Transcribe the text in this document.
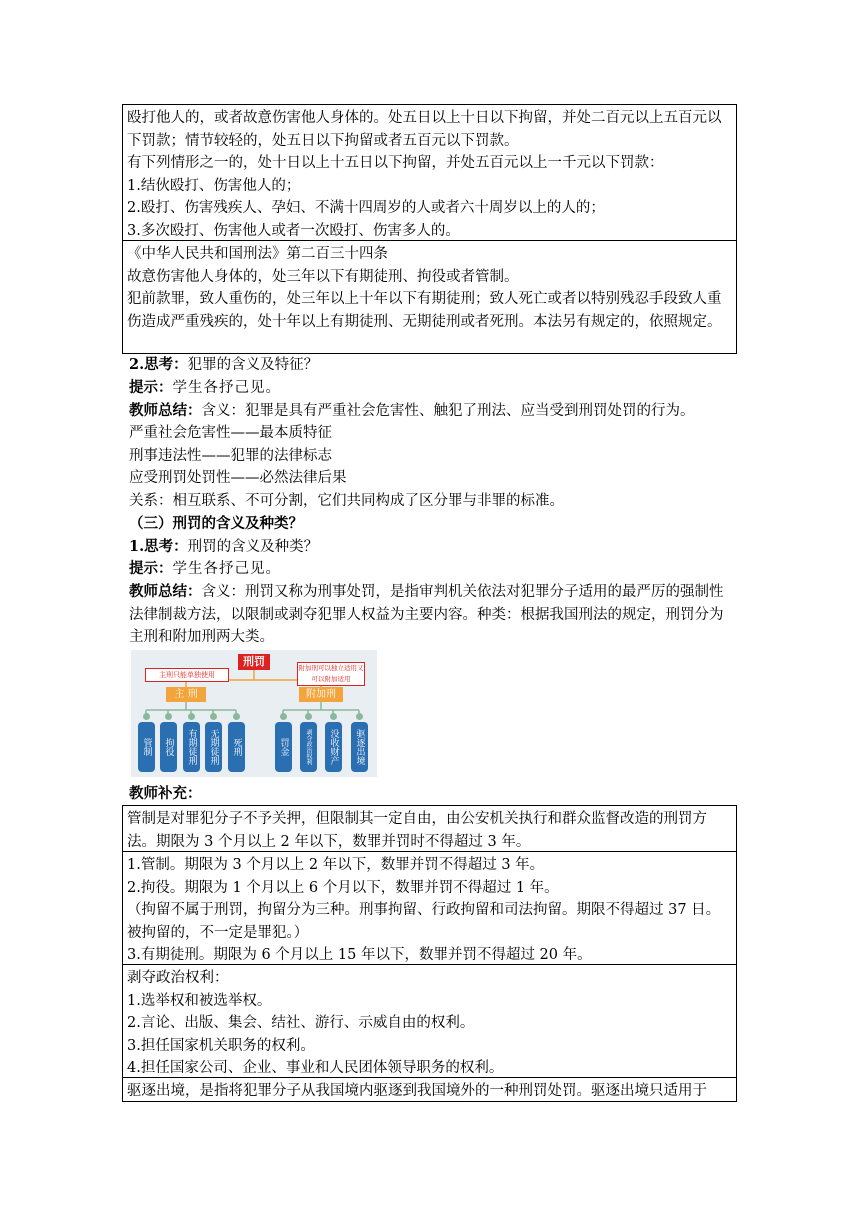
殴打他人的，或者故意伤害他人身体的。处五日以上十日以下拘留，并处二百元以上五百元以下罚款；情节较轻的，处五日以下拘留或者五百元以下罚款。

有下列情形之一的，处十日以上十五日以下拘留，并处五百元以上一千元以下罚款：

1.结伙殴打、伤害他人的；

2.殴打、伤害残疾人、孕妇、不满十四周岁的人或者六十周岁以上的人的；

3.多次殴打、伤害他人或者一次殴打、伤害多人的。

《中华人民共和国刑法》第二百三十四条

故意伤害他人身体的，处三年以下有期徒刑、拘役或者管制。

犯前款罪，致人重伤的，处三年以上十年以下有期徒刑；致人死亡或者以特别残忍手段致人重伤造成严重残疾的，处十年以上有期徒刑、无期徒刑或者死刑。本法另有规定的，依照规定。

2.思考：犯罪的含义及特征？
提示：学生各抒己见。
教师总结：含义：犯罪是具有严重社会危害性、触犯了刑法、应当受到刑罚处罚的行为。
严重社会危害性——最本质特征
刑事违法性——犯罪的法律标志
应受刑罚处罚性——必然法律后果
关系：相互联系、不可分割，它们共同构成了区分罪与非罪的标准。
（三）刑罚的含义及种类？
1.思考：刑罚的含义及种类？
提示：学生各抒己见。
教师总结：含义：刑罚又称为刑事处罚，是指审判机关依法对犯罪分子适用的最严厉的强制性法律制裁方法，以限制或剥夺犯罪人权益为主要内容。种类：根据我国刑法的规定，刑罚分为主刑和附加刑两大类。
刑罚
主刑只能单独使用
附加刑可以独立适用又可以附加适用
主 刑	附加刑
管制	拘役	有期徒刑	无期徒刑	死刑	罚金	剥夺政治权利	没收财产	驱逐出境
教师补充：

管制是对罪犯分子不予关押，但限制其一定自由，由公安机关执行和群众监督改造的刑罚方法。期限为 3 个月以上 2 年以下，数罪并罚时不得超过 3 年。

1.管制。期限为 3 个月以上 2 年以下，数罪并罚不得超过 3 年。

2.拘役。期限为 1 个月以上 6 个月以下，数罪并罚不得超过 1 年。

（拘留不属于刑罚，拘留分为三种。刑事拘留、行政拘留和司法拘留。期限不得超过 37 日。被拘留的，不一定是罪犯。）

3.有期徒刑。期限为 6 个月以上 15 年以下，数罪并罚不得超过 20 年。

剥夺政治权利：

1.选举权和被选举权。

2.言论、出版、集会、结社、游行、示威自由的权利。

3.担任国家机关职务的权利。

4.担任国家公司、企业、事业和人民团体领导职务的权利。

驱逐出境，是指将犯罪分子从我国境内驱逐到我国境外的一种刑罚处罚。驱逐出境只适用于
